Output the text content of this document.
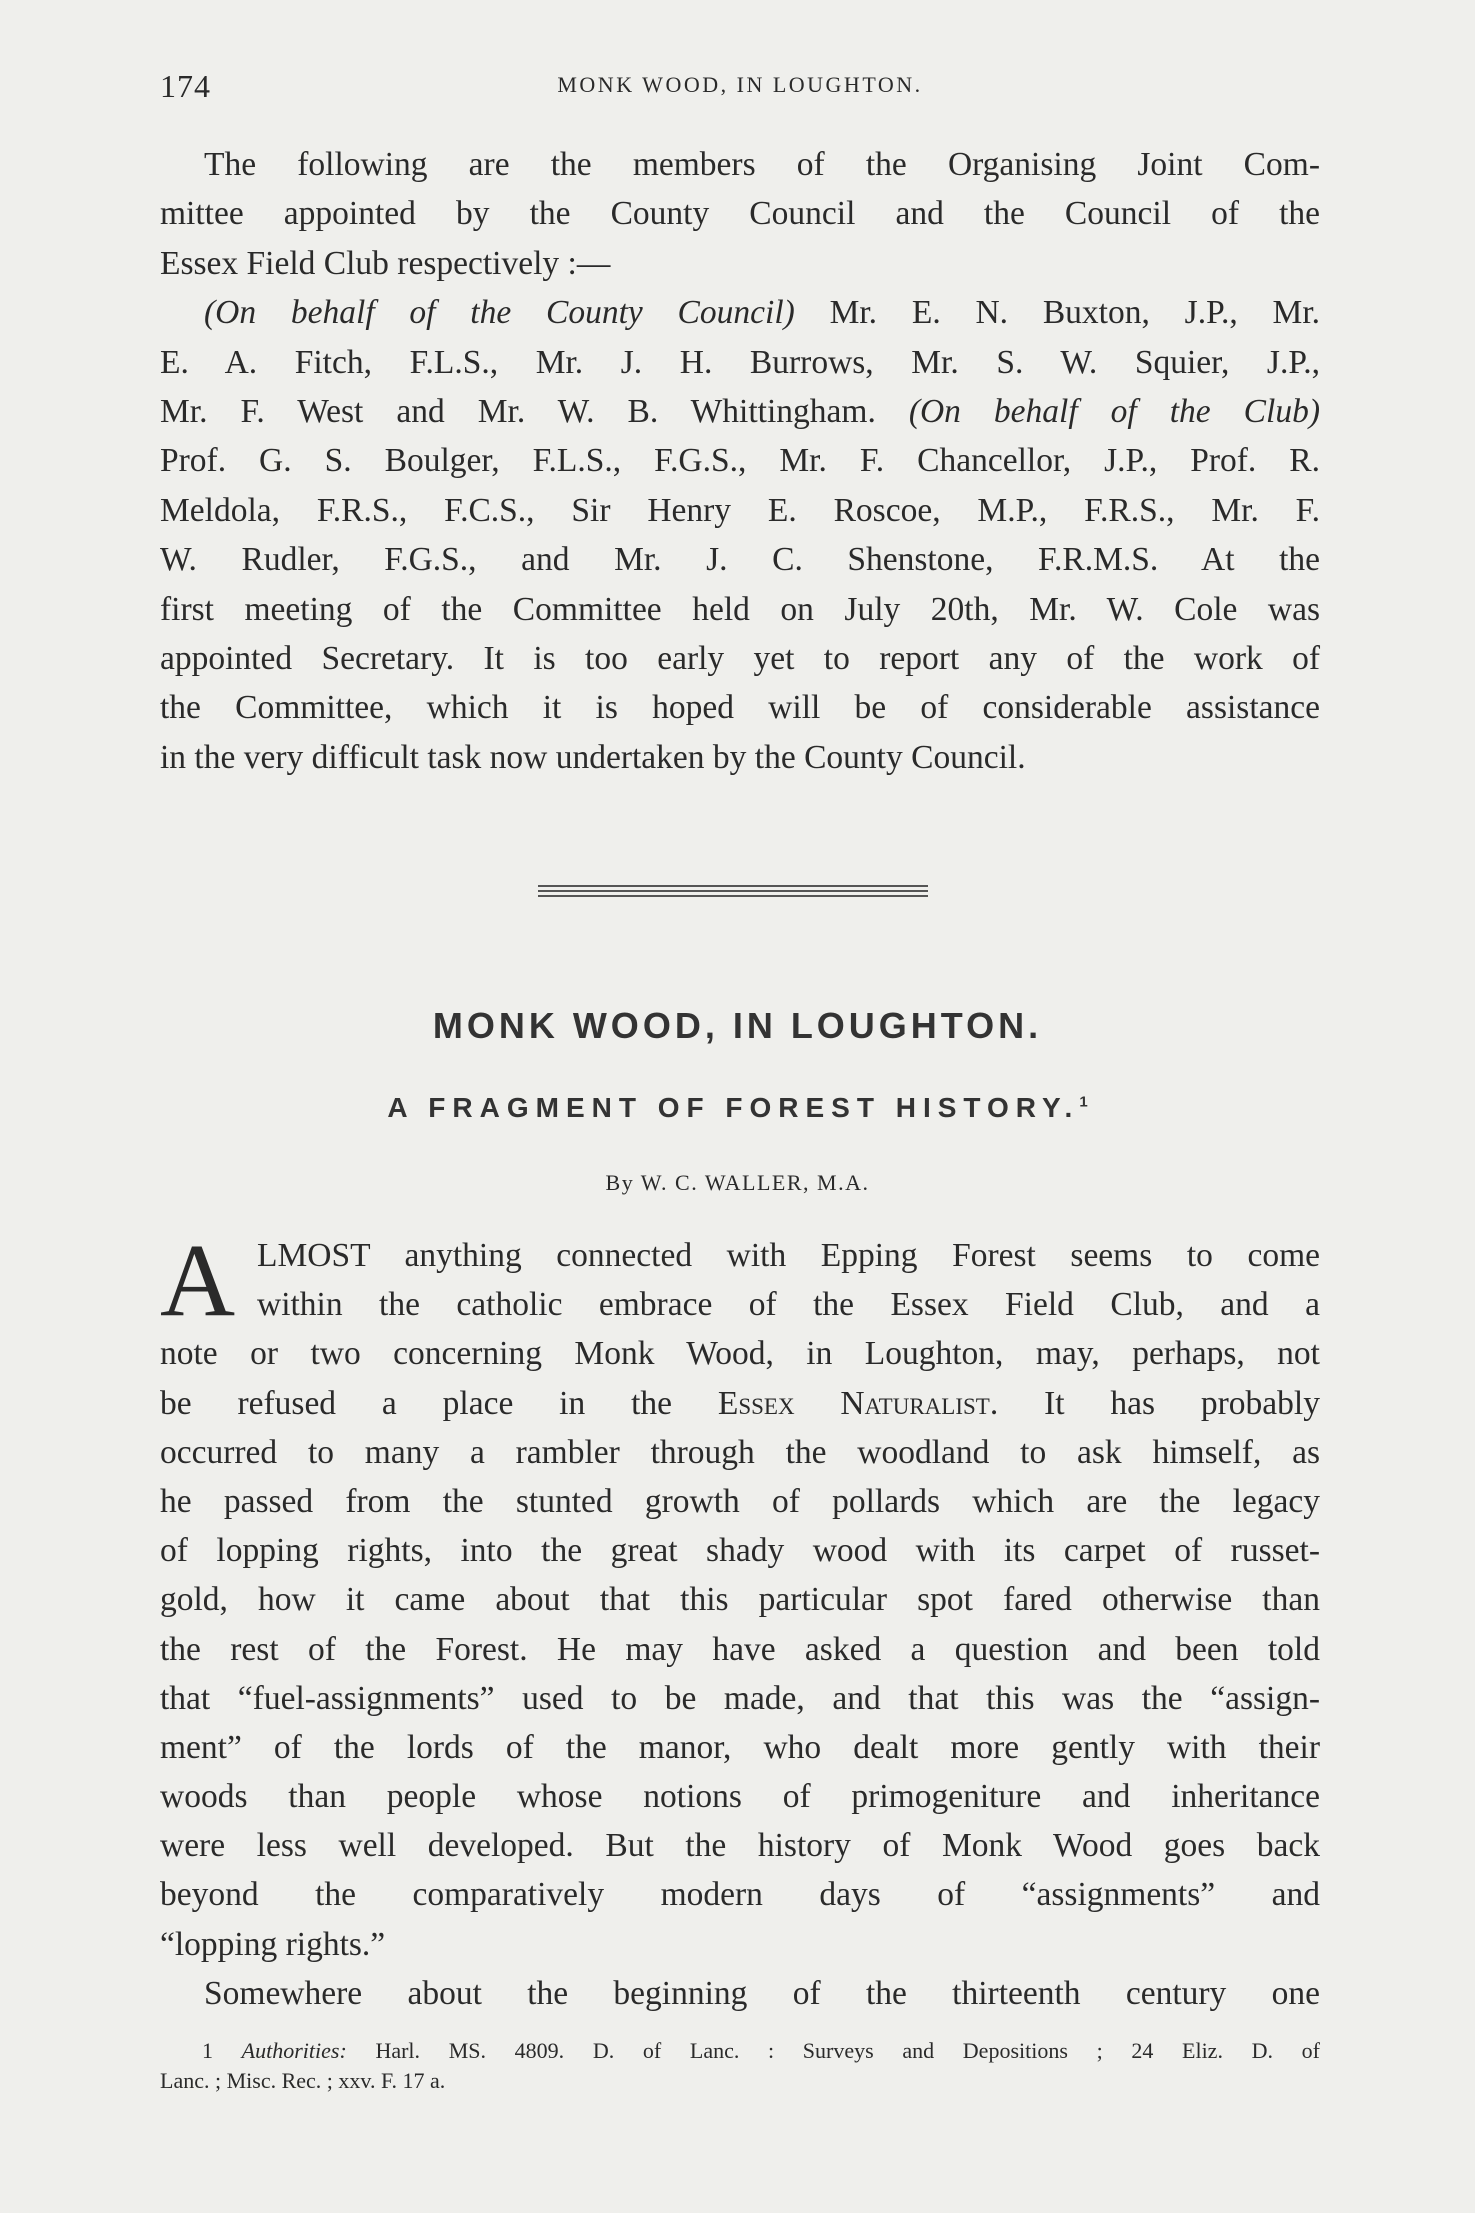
174	MONK WOOD, IN LOUGHTON.
The following are the members of the Organising Joint Com-
mittee appointed by the County Council and the Council of the
Essex Field Club respectively :—
(On behalf of the County Council) Mr. E. N. Buxton, J.P., Mr.
E. A. Fitch, F.L.S., Mr. J. H. Burrows, Mr. S. W. Squier, J.P.,
Mr. F. West and Mr. W. B. Whittingham. (On behalf of the Club)
Prof. G. S. Boulger, F.L.S., F.G.S., Mr. F. Chancellor, J.P., Prof. R.
Meldola, F.R.S., F.C.S., Sir Henry E. Roscoe, M.P., F.R.S., Mr. F.
W. Rudler, F.G.S., and Mr. J. C. Shenstone, F.R.M.S. At the
first meeting of the Committee held on July 20th, Mr. W. Cole was
appointed Secretary. It is too early yet to report any of the work of
the Committee, which it is hoped will be of considerable assistance
in the very difficult task now undertaken by the County Council.
MONK WOOD, IN LOUGHTON.
A FRAGMENT OF FOREST HISTORY.$^1$
By W. C. WALLER, M.A.
LMOST anything connected with Epping Forest seems to come
within the catholic embrace of the Essex Field Club, and a
note or two concerning Monk Wood, in Loughton, may, perhaps, not
be refused a place in the Essex Naturalist. It has probably
occurred to many a rambler through the woodland to ask himself, as
he passed from the stunted growth of pollards which are the legacy
of lopping rights, into the great shady wood with its carpet of russet-
gold, how it came about that this particular spot fared otherwise than
the rest of the Forest. He may have asked a question and been told
that “fuel-assignments” used to be made, and that this was the “assign-
ment” of the lords of the manor, who dealt more gently with their
woods than people whose notions of primogeniture and inheritance
were less well developed. But the history of Monk Wood goes back
beyond the comparatively modern days of “assignments” and
“lopping rights.”
Somewhere about the beginning of the thirteenth century one
A
1 Authorities: Harl. MS. 4809. D. of Lanc. : Surveys and Depositions ; 24 Eliz. D. of
Lanc. ; Misc. Rec. ; xxv. F. 17 a.
